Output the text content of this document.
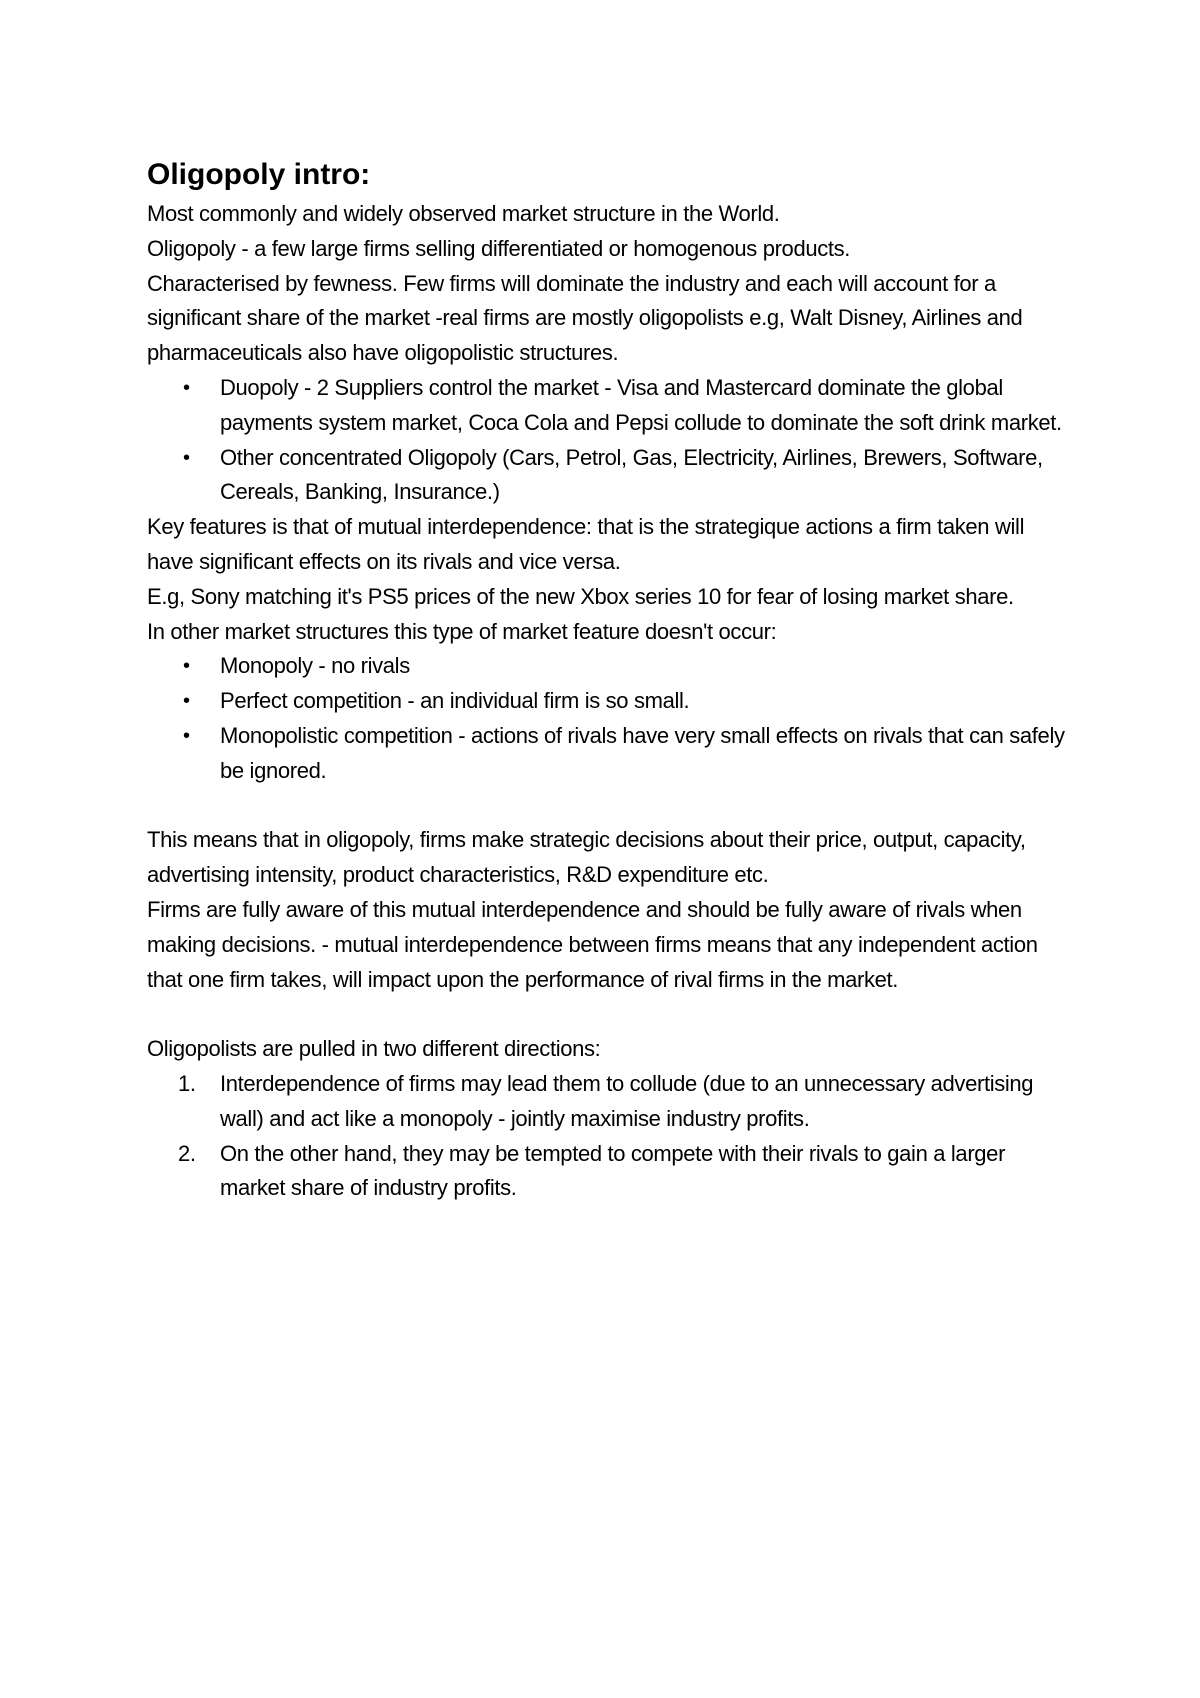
Oligopoly intro:

Most commonly and widely observed market structure in the World.

Oligopoly - a few large firms selling differentiated or homogenous products.

Characterised by fewness. Few firms will dominate the industry and each will account for a significant share of the market -real firms are mostly oligopolists e.g, Walt Disney, Airlines and pharmaceuticals also have oligopolistic structures.

• Duopoly - 2 Suppliers control the market - Visa and Mastercard dominate the global payments system market, Coca Cola and Pepsi collude to dominate the soft drink market.
• Other concentrated Oligopoly (Cars, Petrol, Gas, Electricity, Airlines, Brewers, Software, Cereals, Banking, Insurance.)

Key features is that of mutual interdependence: that is the strategique actions a firm taken will have significant effects on its rivals and vice versa.

E.g, Sony matching it's PS5 prices of the new Xbox series 10 for fear of losing market share.

In other market structures this type of market feature doesn't occur:

• Monopoly - no rivals
• Perfect competition - an individual firm is so small.
• Monopolistic competition - actions of rivals have very small effects on rivals that can safely be ignored.

This means that in oligopoly, firms make strategic decisions about their price, output, capacity, advertising intensity, product characteristics, R&D expenditure etc.

Firms are fully aware of this mutual interdependence and should be fully aware of rivals when making decisions. - mutual interdependence between firms means that any independent action that one firm takes, will impact upon the performance of rival firms in the market.

Oligopolists are pulled in two different directions:

1. Interdependence of firms may lead them to collude (due to an unnecessary advertising wall) and act like a monopoly - jointly maximise industry profits.
2. On the other hand, they may be tempted to compete with their rivals to gain a larger market share of industry profits.
